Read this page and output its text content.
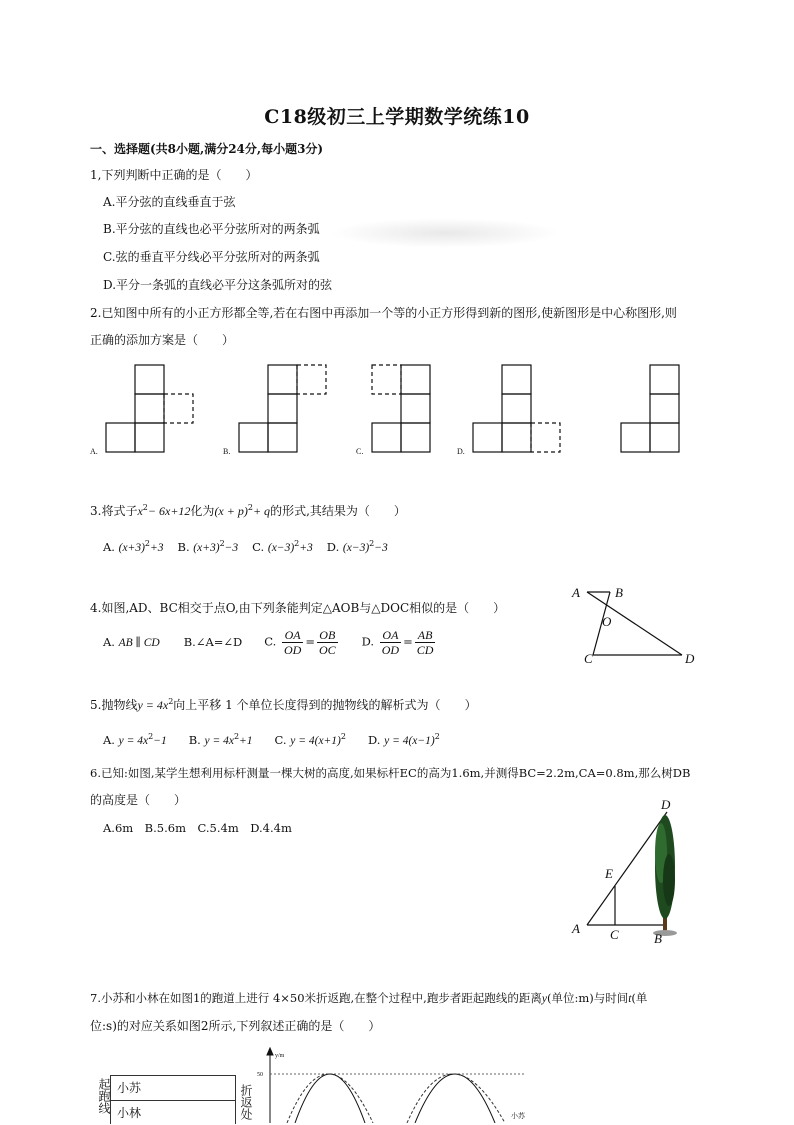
C18级初三上学期数学统练10
一、选择题(共8小题,满分24分,每小题3分)
1,下列判断中正确的是（　　）
A.平分弦的直线垂直于弦
B.平分弦的直线也必平分弦所对的两条弧
C.弦的垂直平分线必平分弦所对的两条弧
D.平分一条弧的直线必平分这条弧所对的弦
2.已知图中所有的小正方形都全等,若在右图中再添加一个等的小正方形得到新的图形,使新图形是中心称图形,则
正确的添加方案是（　　）
A.	B.	C.	D.
3.将式子$x^2- 6x+12$化为$(x + p)^2+ q$的形式,其结果为（　　）
A. $(x+3)^2+3$ B. $(x+3)^2-3$ C. $(x-3)^2+3$ D. $(x-3)^2-3$
4.如图,AD、BC相交于点O,由下列条能判定△AOB与△DOC相似的是（　　）
A. AB ∥ CD B.∠A=∠D C. $\frac{OA}{OD} = \frac{OB}{OC} D$. $\frac{OA}{OD} = \frac{AB}{CD}$
A	B
O
C	D
5.抛物线$y = 4x^2$向上平移 1 个单位长度得到的抛物线的解析式为（　　）
A. $y = 4x^2-1$ B. $y = 4x^2+1$ C. $y = 4(x+1)^2$ D. $y = 4(x-1)^2$
6.已知:如图,某学生想利用标杆测量一棵大树的高度,如果标杆EC的高为1.6m,并测得BC=2.2m,CA=0.8m,那么树DB
的高度是（　　）
A.6m　B.5.6m　C.5.4m　D.4.4m
D
E
A C	B
7.小苏和小林在如图1的跑道上进行 4×50米折返跑,在整个过程中,跑步者距起跑线的距离y(单位:m)与时间t(单
位:s)的对应关系如图2所示,下列叙述正确的是（　　）
起跑线 小苏
小林	折返处
y/m
50
小苏
